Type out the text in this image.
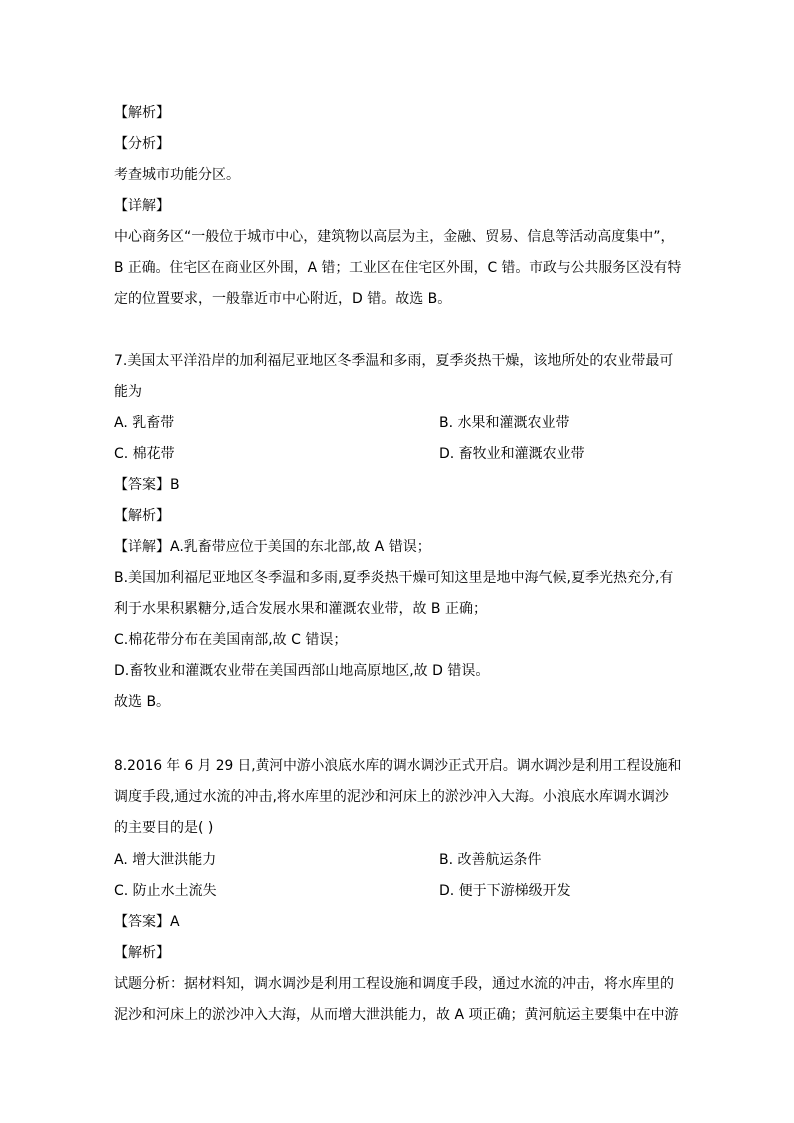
【解析】
【分析】
考查城市功能分区。
【详解】
中心商务区“一般位于城市中心，建筑物以高层为主，金融、贸易、信息等活动高度集中”，
B 正确。住宅区在商业区外围，A 错；工业区在住宅区外围，C 错。市政与公共服务区没有特
定的位置要求，一般靠近市中心附近，D 错。故选 B。
7.美国太平洋沿岸的加利福尼亚地区冬季温和多雨，夏季炎热干燥，该地所处的农业带最可
能为
A. 乳畜带	B. 水果和灌溉农业带
C. 棉花带	D. 畜牧业和灌溉农业带
【答案】B
【解析】
【详解】A.乳畜带应位于美国的东北部,故 A 错误；
B.美国加利福尼亚地区冬季温和多雨,夏季炎热干燥可知这里是地中海气候,夏季光热充分,有
利于水果积累糖分,适合发展水果和灌溉农业带，故 B 正确；
C.棉花带分布在美国南部,故 C 错误；
D.畜牧业和灌溉农业带在美国西部山地高原地区,故 D 错误。
故选 B。
8.2016 年 6 月 29 日,黄河中游小浪底水库的调水调沙正式开启。调水调沙是利用工程设施和
调度手段,通过水流的冲击,将水库里的泥沙和河床上的淤沙冲入大海。小浪底水库调水调沙
的主要目的是( )
A. 增大泄洪能力	B. 改善航运条件
C. 防止水土流失	D. 便于下游梯级开发
【答案】A
【解析】
试题分析：据材料知，调水调沙是利用工程设施和调度手段，通过水流的冲击，将水库里的
泥沙和河床上的淤沙冲入大海，从而增大泄洪能力，故 A 项正确；黄河航运主要集中在中游
